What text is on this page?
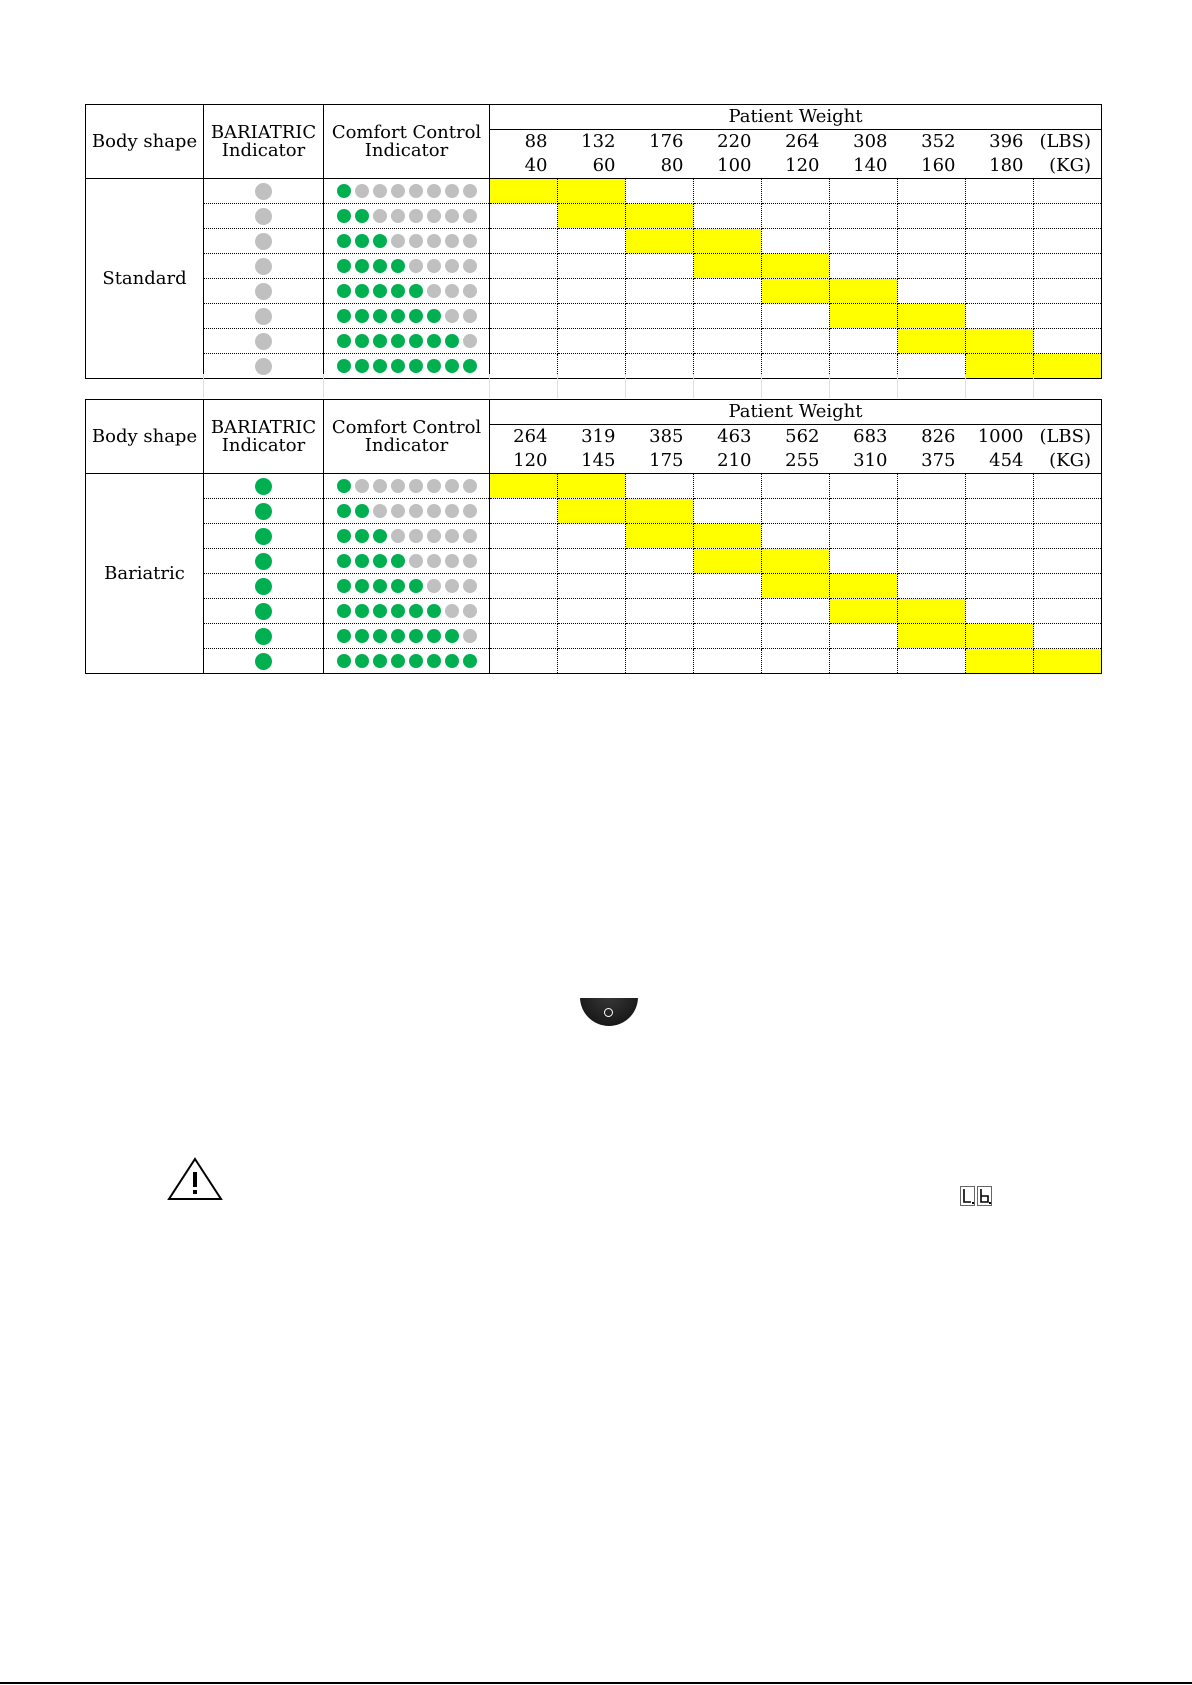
Body shape	BARIATRIC Indicator	Comfort Control Indicator	Patient Weight								
			88	132	176	220	264	308	352	396	(LBS)
			40	60	80	100	120	140	160	180	(KG)
Standard											

Body shape	BARIATRIC Indicator	Comfort Control Indicator	Patient Weight								
			264	319	385	463	562	683	826	1000	(LBS)
			120	145	175	210	255	310	375	454	(KG)
Bariatric											
